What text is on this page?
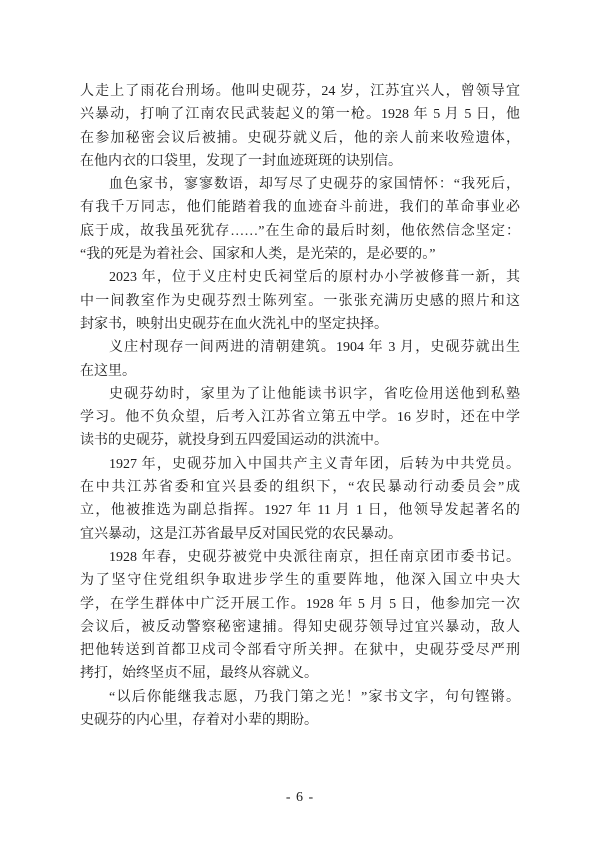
人走上了雨花台刑场。他叫史砚芬，24 岁，江苏宜兴人，曾领导宜
兴暴动，打响了江南农民武装起义的第一枪。1928 年 5 月 5 日，他
在参加秘密会议后被捕。史砚芬就义后，他的亲人前来收殓遗体，
在他内衣的口袋里，发现了一封血迹斑斑的诀别信。
血色家书，寥寥数语，却写尽了史砚芬的家国情怀：“我死后，
有我千万同志，他们能踏着我的血迹奋斗前进，我们的革命事业必
底于成，故我虽死犹存……”在生命的最后时刻，他依然信念坚定：
“我的死是为着社会、国家和人类，是光荣的，是必要的。”
2023 年，位于义庄村史氏祠堂后的原村办小学被修葺一新，其
中一间教室作为史砚芬烈士陈列室。一张张充满历史感的照片和这
封家书，映射出史砚芬在血火洗礼中的坚定抉择。
义庄村现存一间两进的清朝建筑。1904 年 3 月，史砚芬就出生
在这里。
史砚芬幼时，家里为了让他能读书识字，省吃俭用送他到私塾
学习。他不负众望，后考入江苏省立第五中学。16 岁时，还在中学
读书的史砚芬，就投身到五四爱国运动的洪流中。
1927 年，史砚芬加入中国共产主义青年团，后转为中共党员。
在中共江苏省委和宜兴县委的组织下，“农民暴动行动委员会”成
立，他被推选为副总指挥。1927 年 11 月 1 日，他领导发起著名的
宜兴暴动，这是江苏省最早反对国民党的农民暴动。
1928 年春，史砚芬被党中央派往南京，担任南京团市委书记。
为了坚守住党组织争取进步学生的重要阵地，他深入国立中央大
学，在学生群体中广泛开展工作。1928 年 5 月 5 日，他参加完一次
会议后，被反动警察秘密逮捕。得知史砚芬领导过宜兴暴动，敌人
把他转送到首都卫戍司令部看守所关押。在狱中，史砚芬受尽严刑
拷打，始终坚贞不屈，最终从容就义。
“以后你能继我志愿，乃我门第之光！”家书文字，句句铿锵。
史砚芬的内心里，存着对小辈的期盼。
- 6 -
